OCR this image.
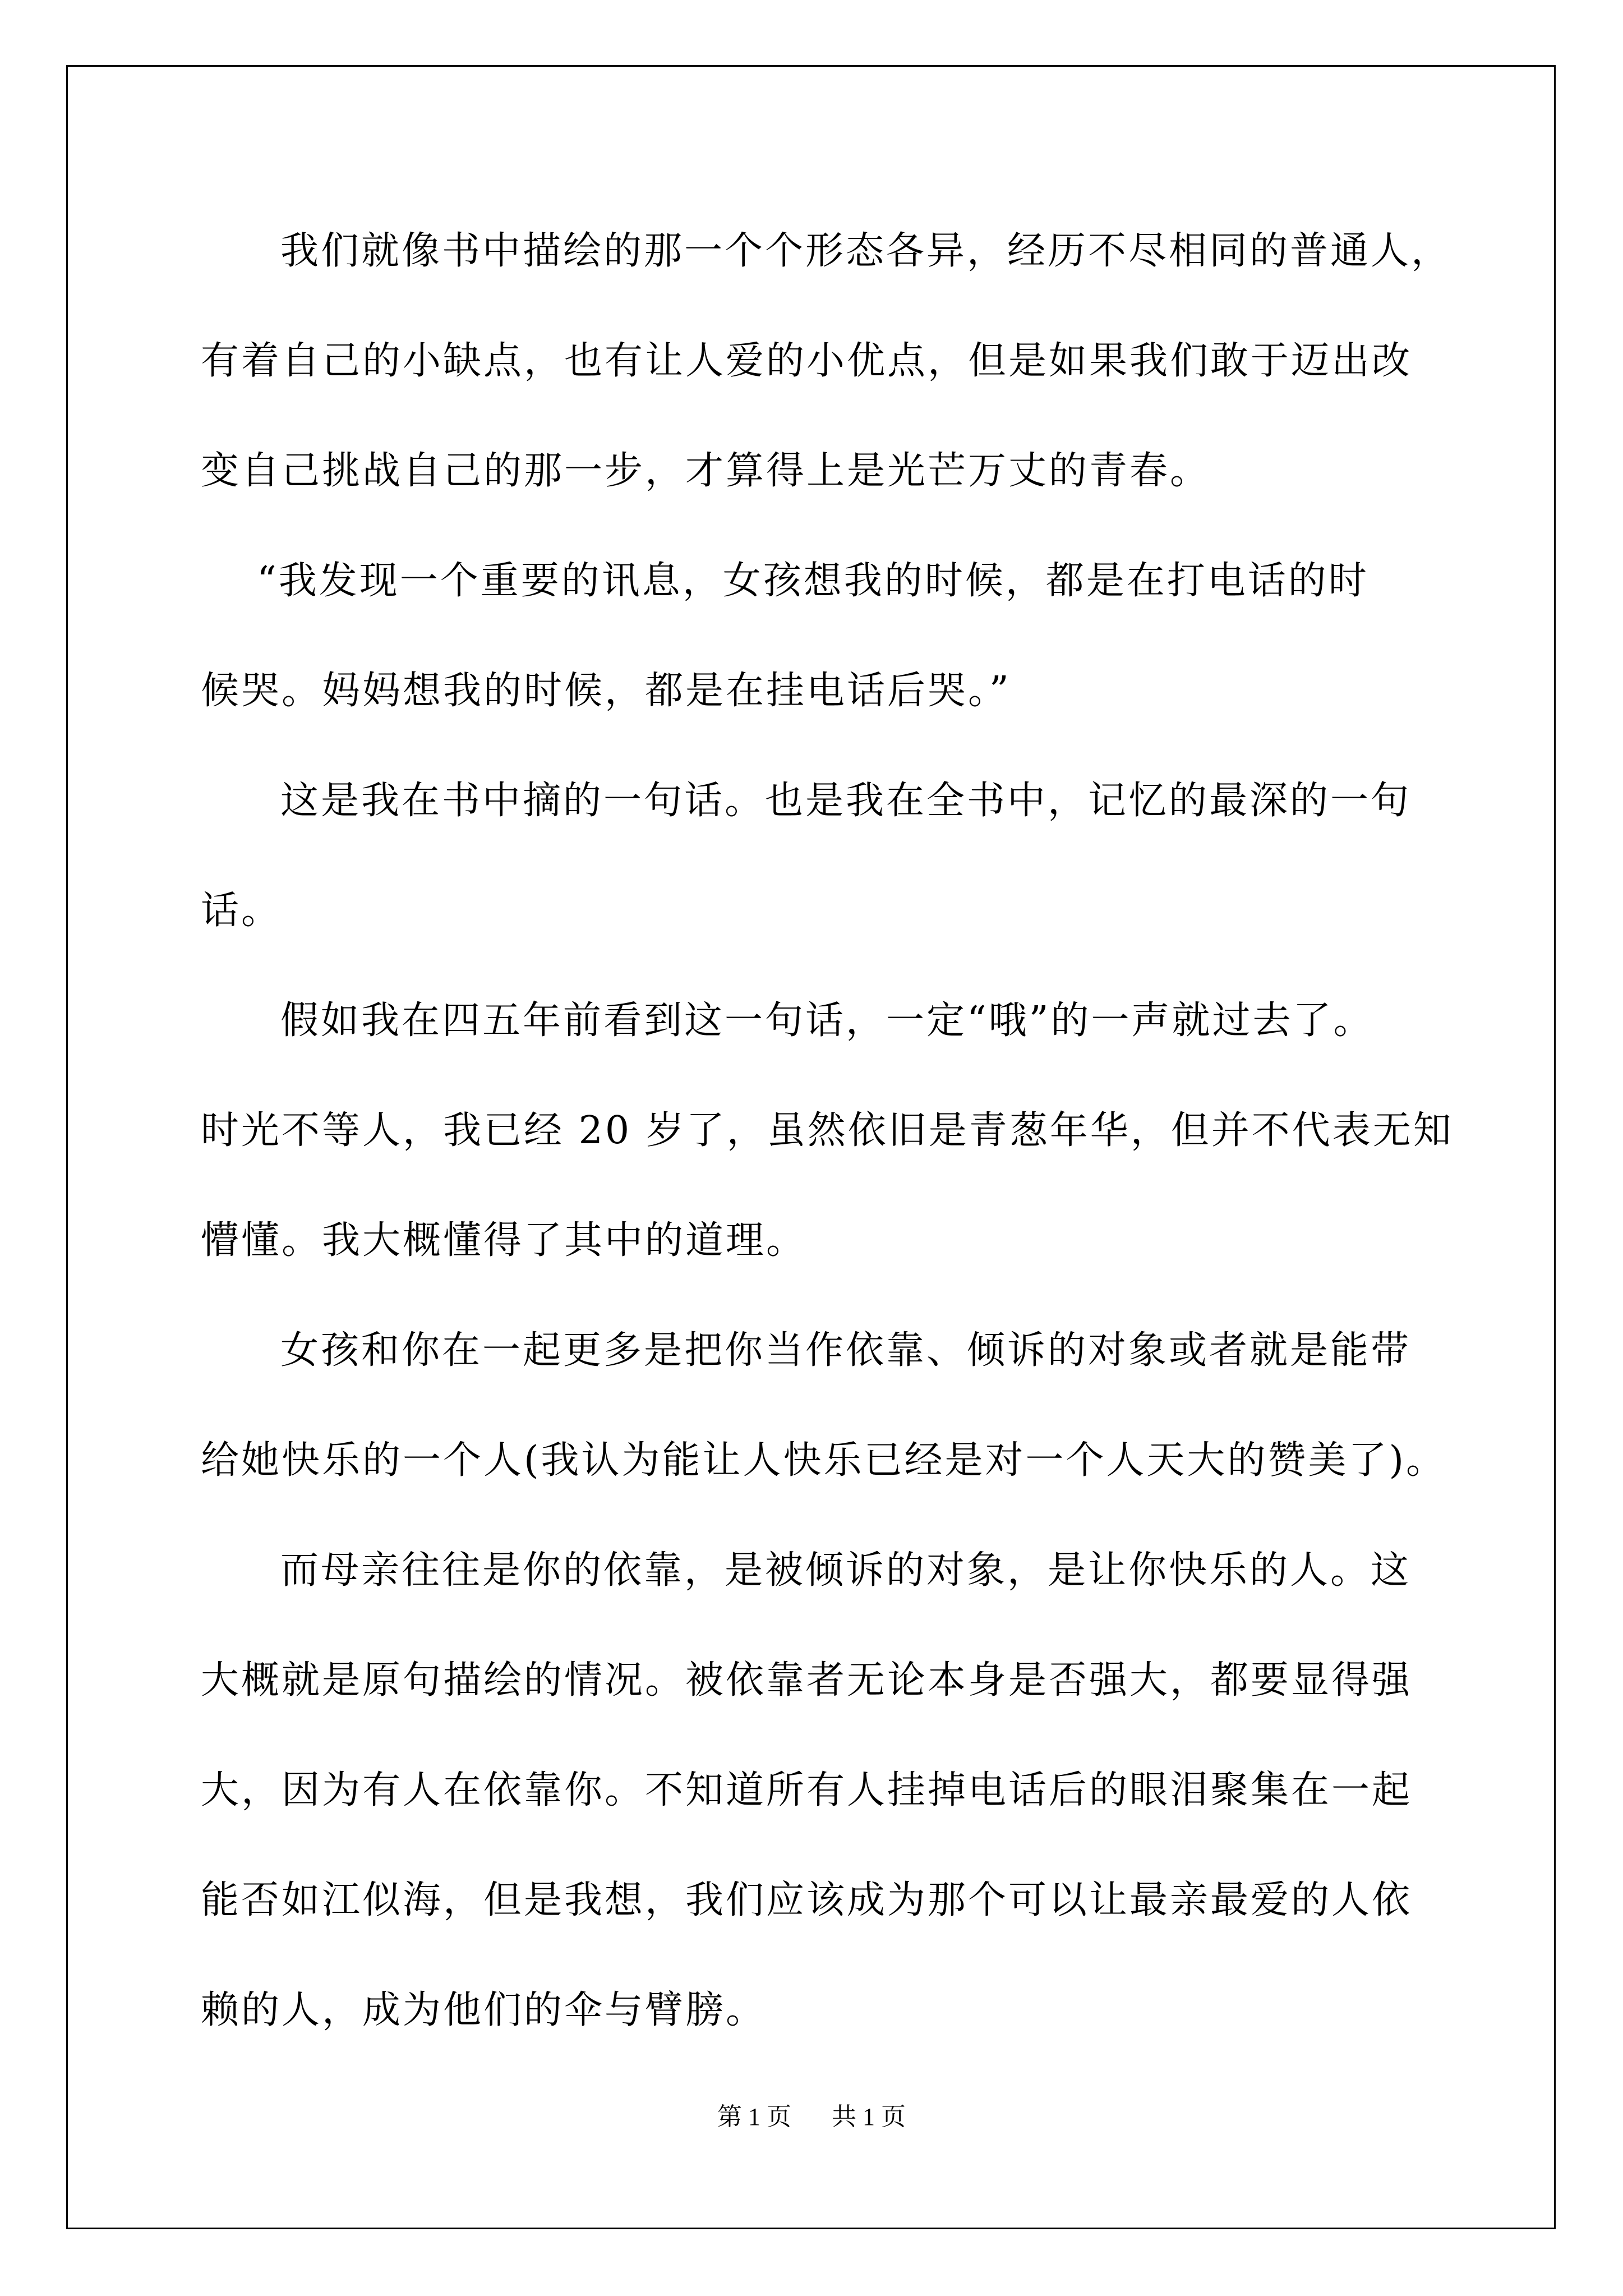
我们就像书中描绘的那一个个形态各异，经历不尽相同的普通人，
有着自己的小缺点，也有让人爱的小优点，但是如果我们敢于迈出改
变自己挑战自己的那一步，才算得上是光芒万丈的青春。
“我发现一个重要的讯息，女孩想我的时候，都是在打电话的时
候哭。妈妈想我的时候，都是在挂电话后哭。”
这是我在书中摘的一句话。也是我在全书中，记忆的最深的一句
话。
假如我在四五年前看到这一句话，一定“哦”的一声就过去了。
时光不等人，我已经 20 岁了，虽然依旧是青葱年华，但并不代表无知
懵懂。我大概懂得了其中的道理。
女孩和你在一起更多是把你当作依靠、倾诉的对象或者就是能带
给她快乐的一个人(我认为能让人快乐已经是对一个人天大的赞美了)。
而母亲往往是你的依靠，是被倾诉的对象，是让你快乐的人。这
大概就是原句描绘的情况。被依靠者无论本身是否强大，都要显得强
大，因为有人在依靠你。不知道所有人挂掉电话后的眼泪聚集在一起
能否如江似海，但是我想，我们应该成为那个可以让最亲最爱的人依
赖的人，成为他们的伞与臂膀。
第 1 页 共 1 页
